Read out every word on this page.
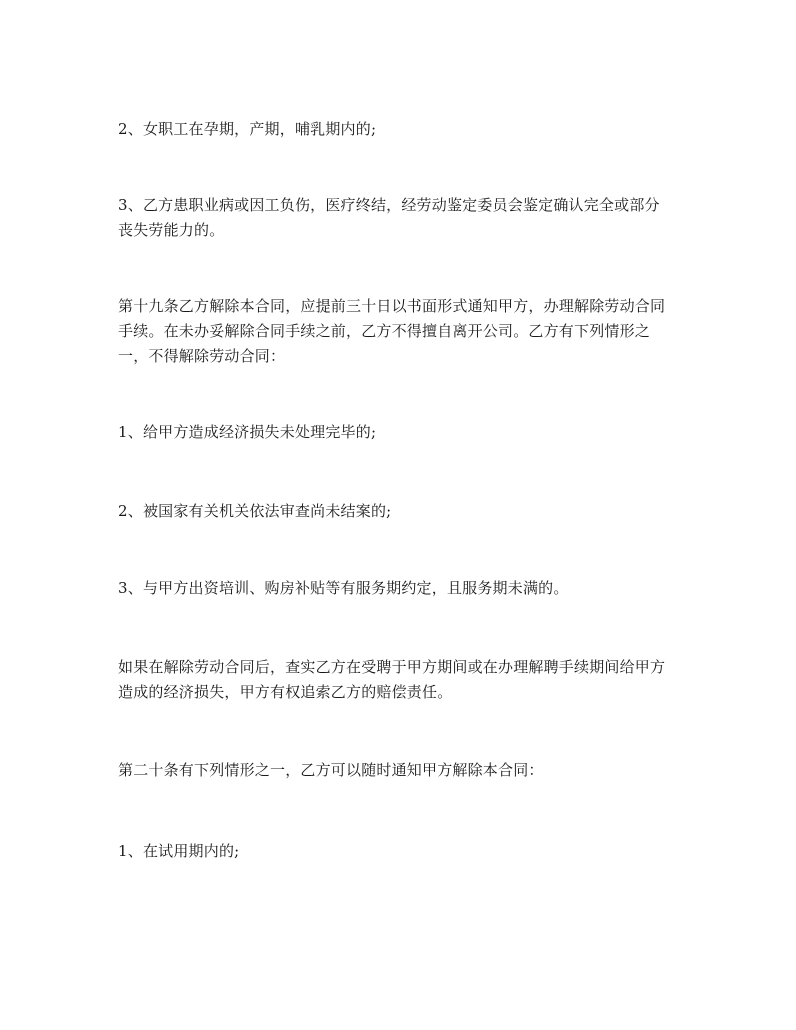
2、女职工在孕期，产期，哺乳期内的;

3、乙方患职业病或因工负伤，医疗终结，经劳动鉴定委员会鉴定确认完全或部分
丧失劳能力的。

第十九条乙方解除本合同，应提前三十日以书面形式通知甲方，办理解除劳动合同
手续。在未办妥解除合同手续之前，乙方不得擅自离开公司。乙方有下列情形之
一，不得解除劳动合同：

1、给甲方造成经济损失未处理完毕的;

2、被国家有关机关依法审查尚未结案的;

3、与甲方出资培训、购房补贴等有服务期约定，且服务期未满的。

如果在解除劳动合同后，查实乙方在受聘于甲方期间或在办理解聘手续期间给甲方
造成的经济损失，甲方有权追索乙方的赔偿责任。

第二十条有下列情形之一，乙方可以随时通知甲方解除本合同：

1、在试用期内的;
